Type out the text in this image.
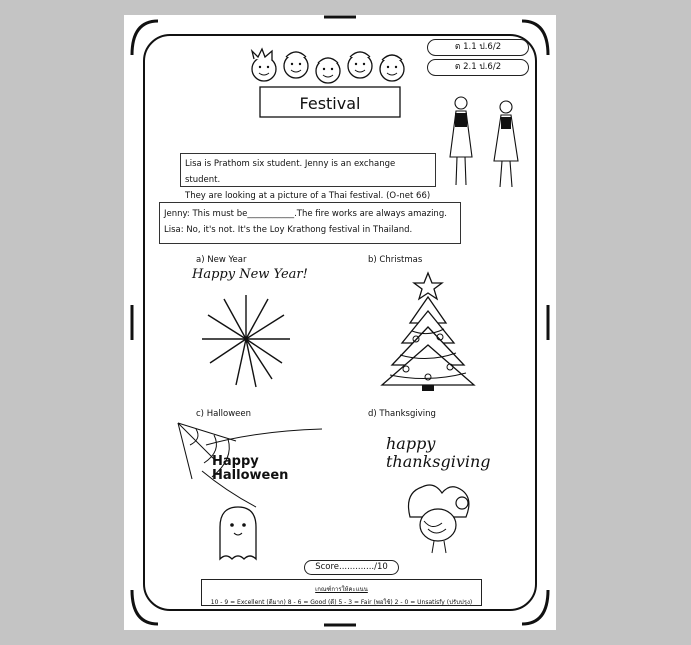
Festival
ต 1.1 ป.6/2
ต 2.1 ป.6/2
Lisa is Prathom six student. Jenny is an exchange student.
They are looking at a picture of a Thai festival. (O-net 66)
Jenny: This must be___________.The fire works are always amazing.
Lisa: No, it's not. It's the Loy Krathong festival in Thailand.
a) New Year	b) Christmas
c) Halloween	d) Thanksgiving
Happy New Year!
Happy Halloween
happy thanksgiving
Score............./10
เกณฑ์การให้คะแนน
10 - 9 = Excellent (ดีมาก) 8 - 6 = Good (ดี) 5 - 3 = Fair (พอใช้) 2 - 0 = Unsatisfy (ปรับปรุง)
